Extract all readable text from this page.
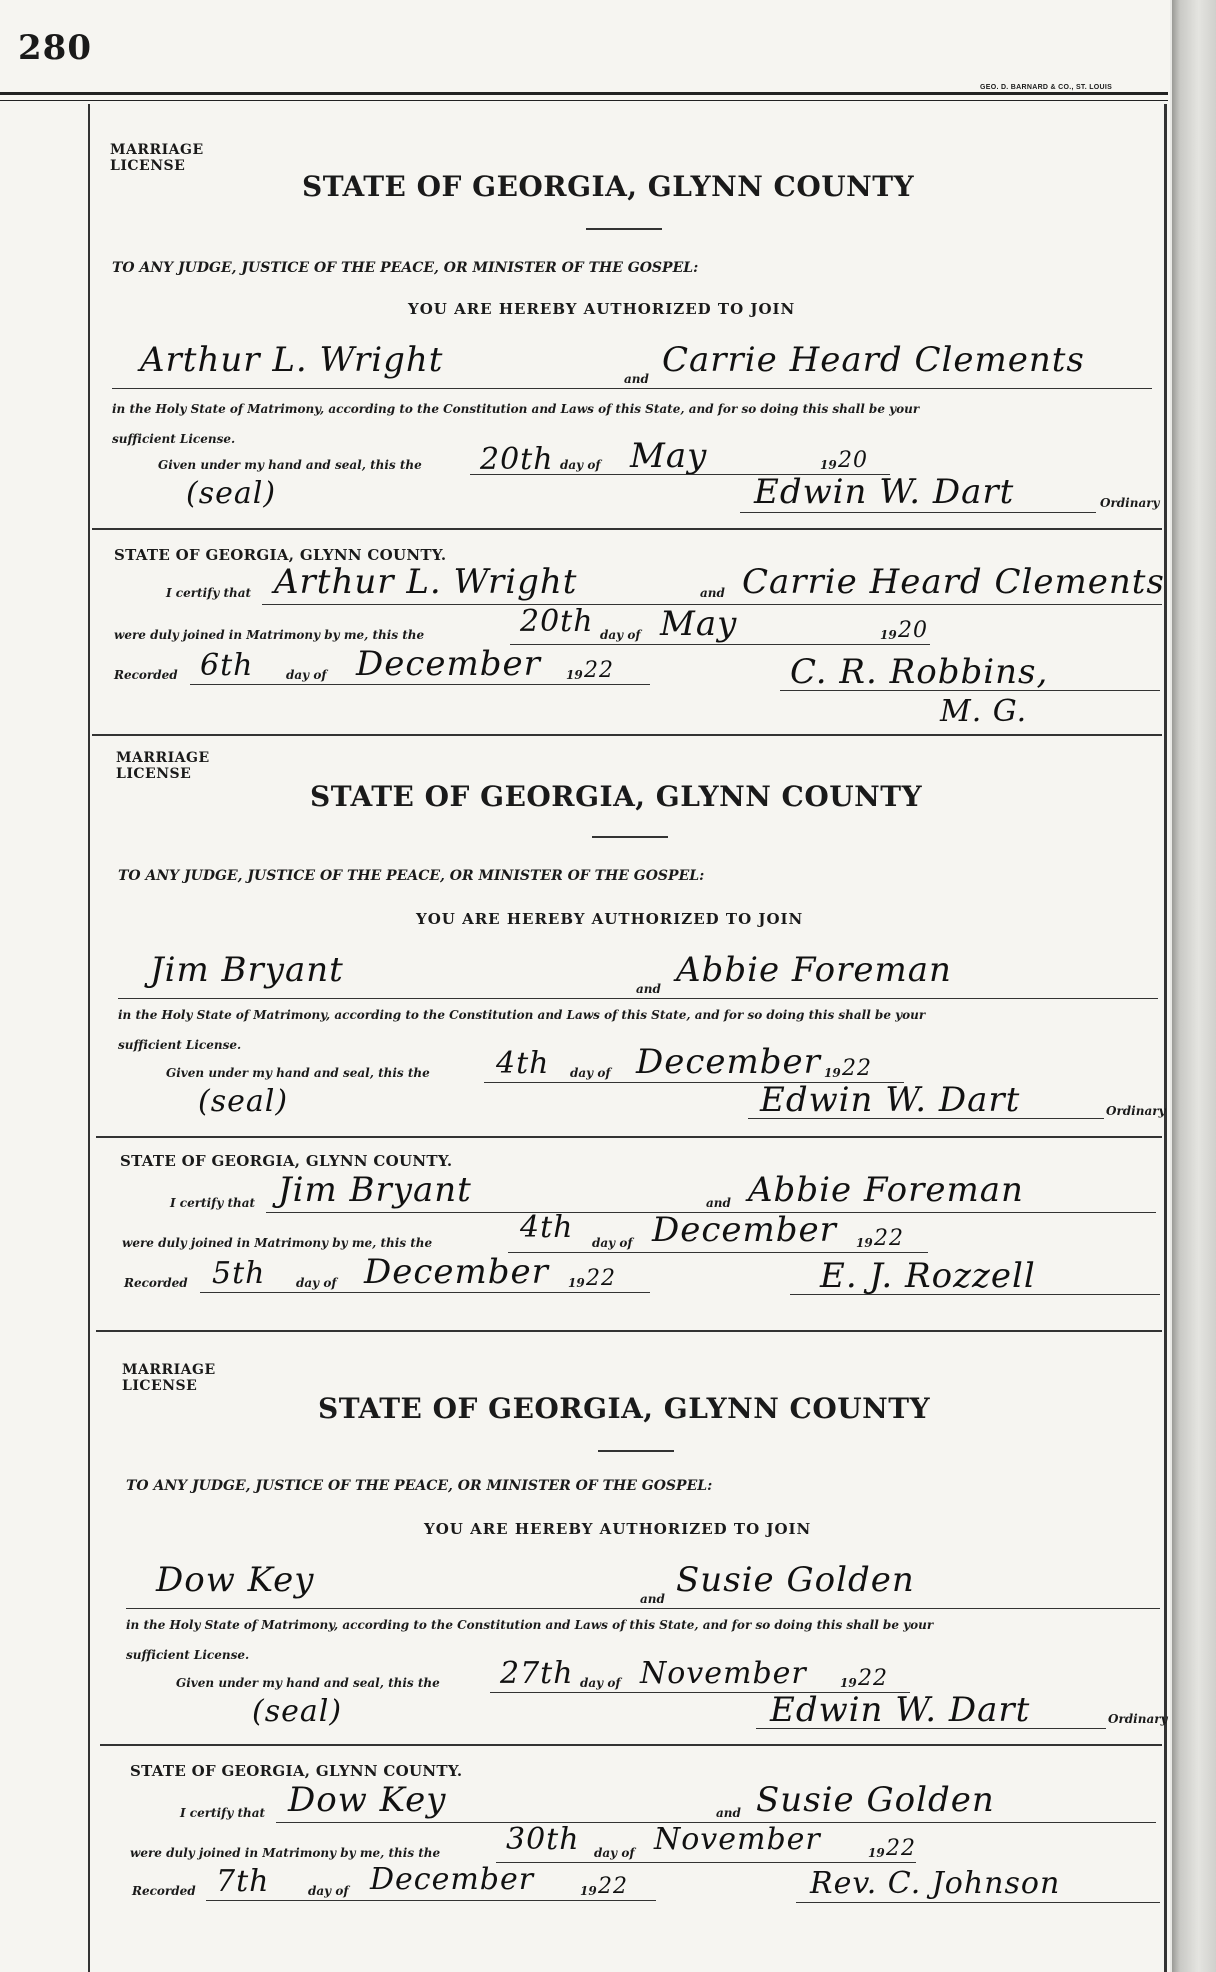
280
GEO. D. BARNARD & CO., ST. LOUIS
MARRIAGE LICENSE
STATE OF GEORGIA, GLYNN COUNTY
TO ANY JUDGE, JUSTICE OF THE PEACE, OR MINISTER OF THE GOSPEL:
YOU ARE HEREBY AUTHORIZED TO JOIN
Arthur L. Wright	and Carrie Heard Clements
in the Holy State of Matrimony, according to the Constitution and Laws of this State, and for so doing this shall be your
sufficient License.
Given under my hand and seal, this the 20th day of May	19 20
(seal)	Edwin W. Dart	Ordinary
STATE OF GEORGIA, GLYNN COUNTY.
I certify that Arthur L. Wright	and Carrie Heard Clements
were duly joined in Matrimony by me, this the	20th day of May	19 20
Recorded 6th	day of December 19 22	C. R. Robbins,
M. G.
MARRIAGE LICENSE
STATE OF GEORGIA, GLYNN COUNTY
TO ANY JUDGE, JUSTICE OF THE PEACE, OR MINISTER OF THE GOSPEL:
YOU ARE HEREBY AUTHORIZED TO JOIN
Jim Bryant	and Abbie Foreman
in the Holy State of Matrimony, according to the Constitution and Laws of this State, and for so doing this shall be your
sufficient License.
Given under my hand and seal, this the 4th day of December 19 22
(seal)	Edwin W. Dart	Ordinary
STATE OF GEORGIA, GLYNN COUNTY.
I certify that Jim Bryant	and Abbie Foreman
were duly joined in Matrimony by me, this the	4th day of December 19 22
Recorded 5th	day of December 19 22	E. J. Rozzell
MARRIAGE LICENSE
STATE OF GEORGIA, GLYNN COUNTY
TO ANY JUDGE, JUSTICE OF THE PEACE, OR MINISTER OF THE GOSPEL:
YOU ARE HEREBY AUTHORIZED TO JOIN
Dow Key	and Susie Golden
in the Holy State of Matrimony, according to the Constitution and Laws of this State, and for so doing this shall be your
sufficient License.
Given under my hand and seal, this the 27th day of November	19 22
(seal)	Edwin W. Dart	Ordinary
STATE OF GEORGIA, GLYNN COUNTY.
I certify that Dow Key	and Susie Golden
were duly joined in Matrimony by me, this the 30th day of November	19 22
Recorded 7th	day of December	19 22	Rev. C. Johnson
